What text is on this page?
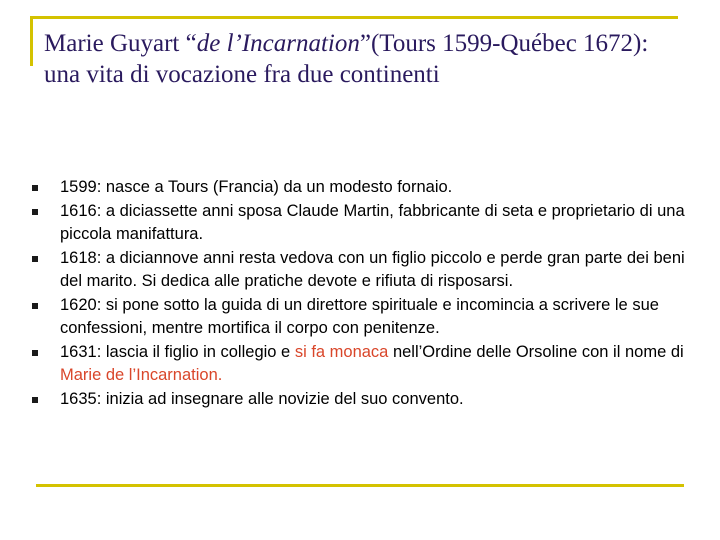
Marie Guyart “de l’Incarnation”(Tours 1599-Québec 1672): una vita di vocazione fra due continenti
1599: nasce a Tours (Francia) da un modesto fornaio.
1616: a diciassette anni sposa Claude Martin, fabbricante di seta e proprietario di una piccola manifattura.
1618: a diciannove anni resta vedova con un figlio piccolo e perde gran parte dei beni del marito. Si dedica alle pratiche devote e rifiuta di risposarsi.
1620: si pone sotto la guida di un direttore spirituale e incomincia a scrivere le sue confessioni, mentre mortifica il corpo con penitenze.
1631: lascia il figlio in collegio e si fa monaca nell’Ordine delle Orsoline con il nome di Marie de l’Incarnation.
1635: inizia ad insegnare alle novizie del suo convento.
